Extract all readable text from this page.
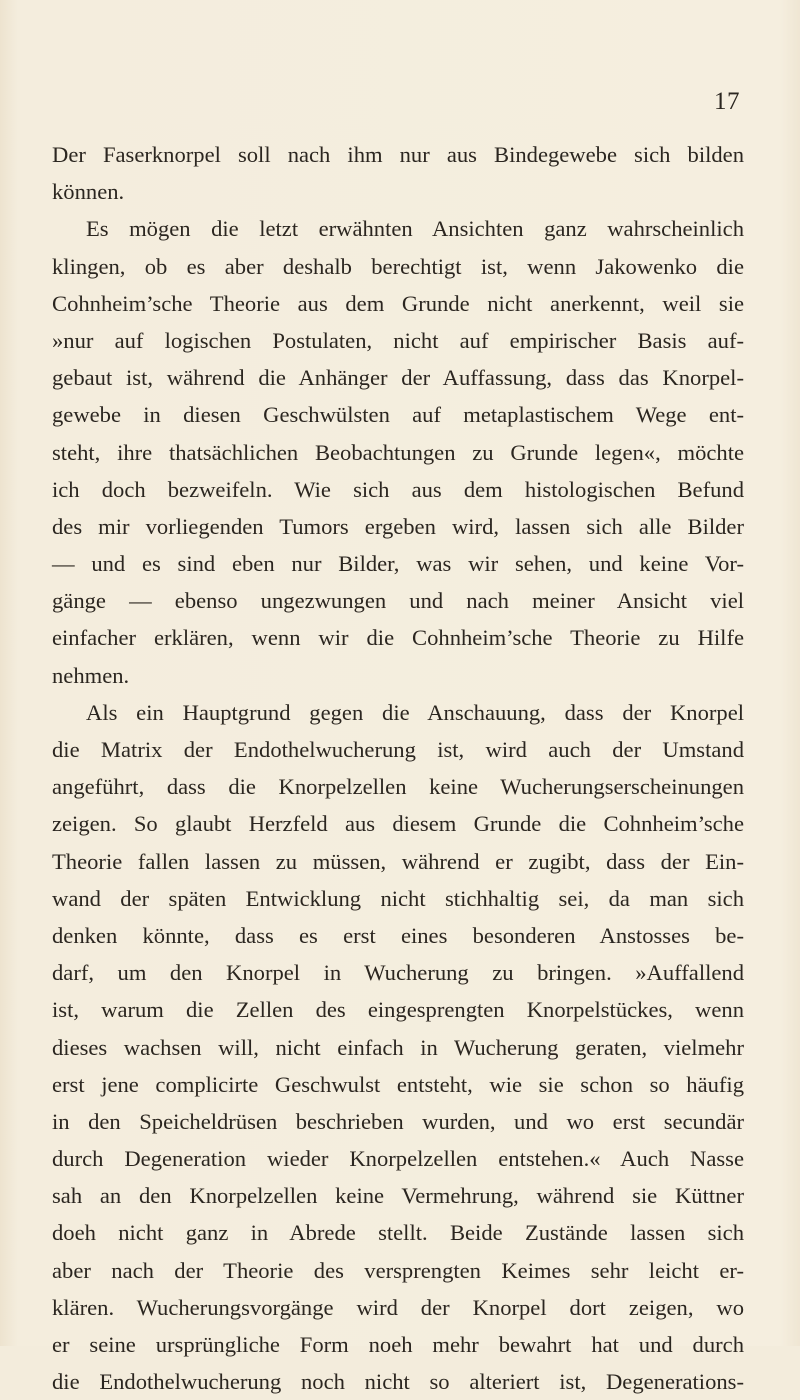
17
Der Faserknorpel soll nach ihm nur aus Bindegewebe sich bilden
können.
Es mögen die letzt erwähnten Ansichten ganz wahrscheinlich
klingen, ob es aber deshalb berechtigt ist, wenn Jakowenko die
Cohnheim’sche Theorie aus dem Grunde nicht anerkennt, weil sie
»nur auf logischen Postulaten, nicht auf empirischer Basis auf-
gebaut ist, während die Anhänger der Auffassung, dass das Knorpel-
gewebe in diesen Geschwülsten auf metaplastischem Wege ent-
steht, ihre thatsächlichen Beobachtungen zu Grunde legen«, möchte
ich doch bezweifeln. Wie sich aus dem histologischen Befund
des mir vorliegenden Tumors ergeben wird, lassen sich alle Bilder
— und es sind eben nur Bilder, was wir sehen, und keine Vor-
gänge — ebenso ungezwungen und nach meiner Ansicht viel
einfacher erklären, wenn wir die Cohnheim’sche Theorie zu Hilfe
nehmen.
Als ein Hauptgrund gegen die Anschauung, dass der Knorpel
die Matrix der Endothelwucherung ist, wird auch der Umstand
angeführt, dass die Knorpelzellen keine Wucherungserscheinungen
zeigen. So glaubt Herzfeld aus diesem Grunde die Cohnheim’sche
Theorie fallen lassen zu müssen, während er zugibt, dass der Ein-
wand der späten Entwicklung nicht stichhaltig sei, da man sich
denken könnte, dass es erst eines besonderen Anstosses be-
darf, um den Knorpel in Wucherung zu bringen. »Auffallend
ist, warum die Zellen des eingesprengten Knorpelstückes, wenn
dieses wachsen will, nicht einfach in Wucherung geraten, vielmehr
erst jene complicirte Geschwulst entsteht, wie sie schon so häufig
in den Speicheldrüsen beschrieben wurden, und wo erst secundär
durch Degeneration wieder Knorpelzellen entstehen.« Auch Nasse
sah an den Knorpelzellen keine Vermehrung, während sie Küttner
doeh nicht ganz in Abrede stellt. Beide Zustände lassen sich
aber nach der Theorie des versprengten Keimes sehr leicht er-
klären. Wucherungsvorgänge wird der Knorpel dort zeigen, wo
er seine ursprüngliche Form noeh mehr bewahrt hat und durch
die Endothelwucherung noch nicht so alteriert ist, Degenerations-
